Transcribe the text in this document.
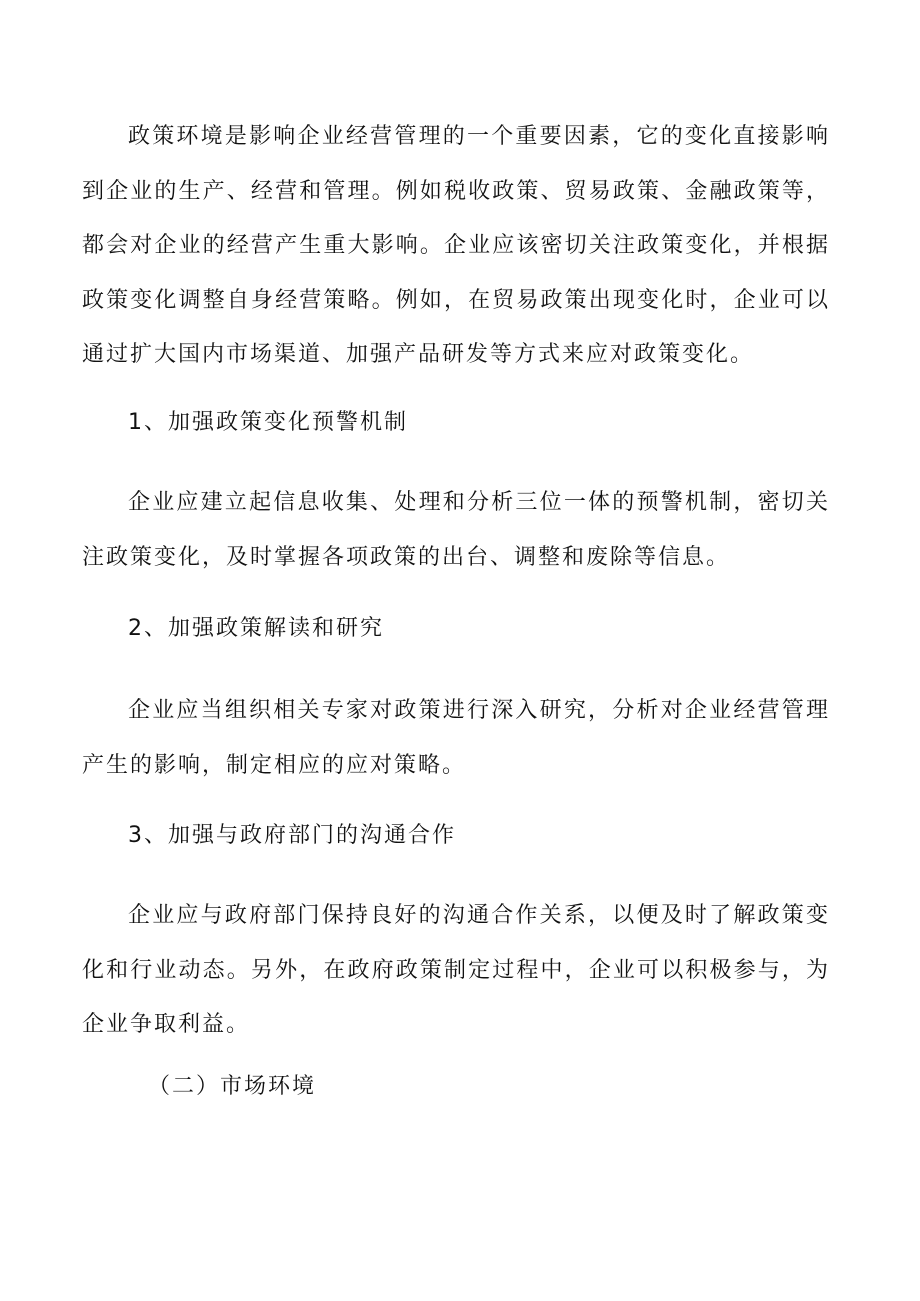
政策环境是影响企业经营管理的一个重要因素，它的变化直接影响到企业的生产、经营和管理。例如税收政策、贸易政策、金融政策等，都会对企业的经营产生重大影响。企业应该密切关注政策变化，并根据政策变化调整自身经营策略。例如，在贸易政策出现变化时，企业可以通过扩大国内市场渠道、加强产品研发等方式来应对政策变化。

1、加强政策变化预警机制

企业应建立起信息收集、处理和分析三位一体的预警机制，密切关注政策变化，及时掌握各项政策的出台、调整和废除等信息。

2、加强政策解读和研究

企业应当组织相关专家对政策进行深入研究，分析对企业经营管理产生的影响，制定相应的应对策略。

3、加强与政府部门的沟通合作

企业应与政府部门保持良好的沟通合作关系，以便及时了解政策变化和行业动态。另外，在政府政策制定过程中，企业可以积极参与，为企业争取利益。

（二）市场环境
